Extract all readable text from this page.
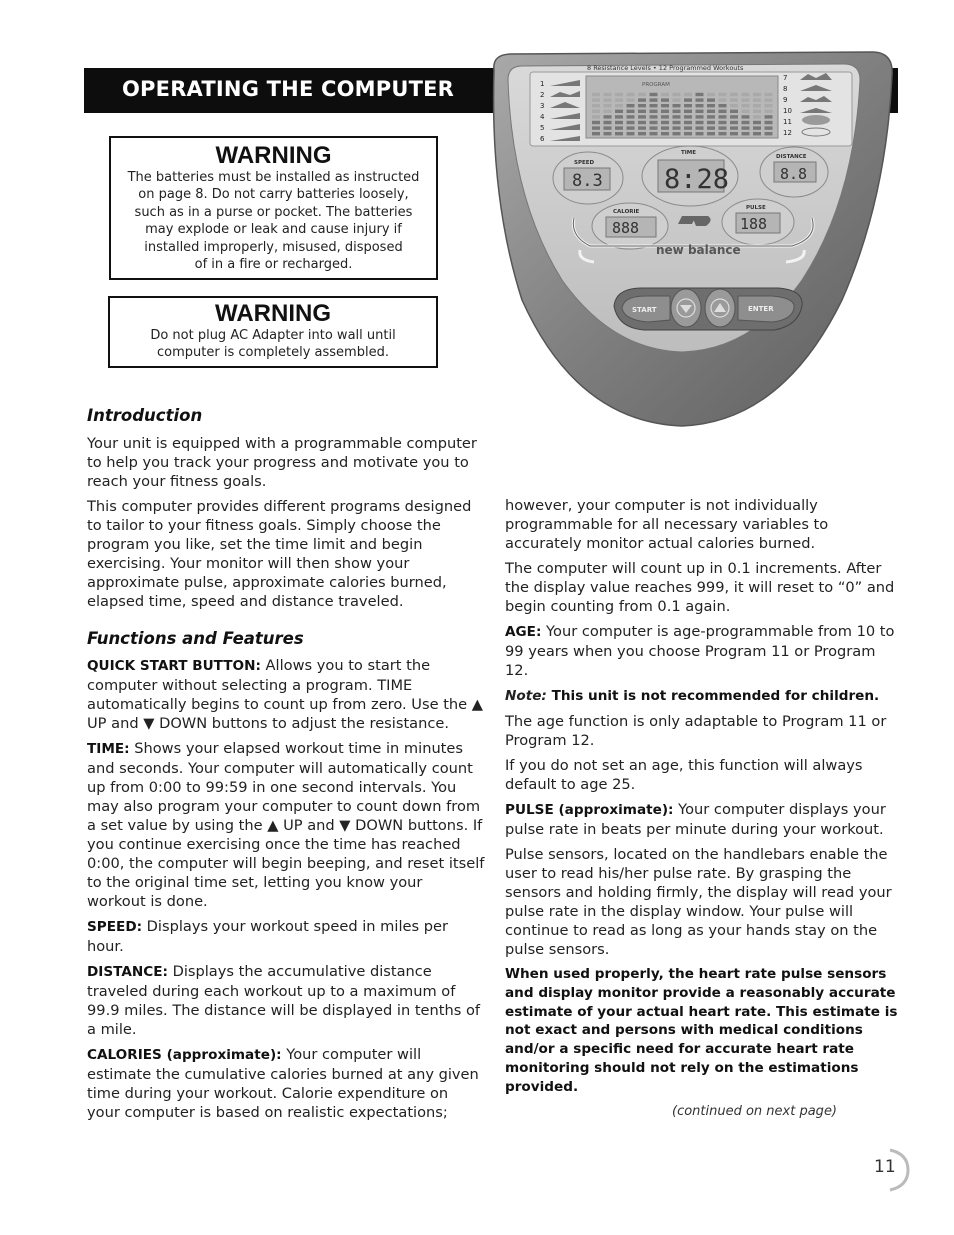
OPERATING THE COMPUTER
WARNING
The batteries must be installed as instructed
on page 8. Do not carry batteries loosely,
such as in a purse or pocket. The batteries
may explode or leak and cause injury if
installed improperly, misused, disposed
of in a fire or recharged.
WARNING
Do not plug AC Adapter into wall until
computer is completely assembled.
8 Resistance Levels • 12 Programmed Workouts
PROGRAM
1
2
3
4
5
6
7
8
9
10
11
12
SPEED
8.3
TIME
8:28
DISTANCE
8.8
CALORIE
888
PULSE
188
new balance
START	ENTER
Introduction

Your unit is equipped with a programmable computer to help you track your progress and motivate you to reach your fitness goals.

This computer provides different programs designed to tailor to your fitness goals. Simply choose the program you like, set the time limit and begin exercising. Your monitor will then show your approximate pulse, approximate calories burned, elapsed time, speed and distance traveled.

Functions and Features

QUICK START BUTTON: Allows you to start the computer without selecting a program. TIME automatically begins to count up from zero. Use the ▲ UP and ▼ DOWN buttons to adjust the resistance.

TIME: Shows your elapsed workout time in minutes and seconds. Your computer will automatically count up from 0:00 to 99:59 in one second intervals. You may also program your computer to count down from a set value by using the ▲ UP and ▼ DOWN buttons. If you continue exercising once the time has reached 0:00, the computer will begin beeping, and reset itself to the original time set, letting you know your workout is done.

SPEED: Displays your workout speed in miles per hour.

DISTANCE: Displays the accumulative distance traveled during each workout up to a maximum of 99.9 miles. The distance will be displayed in tenths of a mile.

CALORIES (approximate): Your computer will estimate the cumulative calories burned at any given time during your workout. Calorie expenditure on your computer is based on realistic expectations;

however, your computer is not individually programmable for all necessary variables to accurately monitor actual calories burned.

The computer will count up in 0.1 increments. After the display value reaches 999, it will reset to “0” and begin counting from 0.1 again.

AGE: Your computer is age-programmable from 10 to 99 years when you choose Program 11 or Program 12.

Note: This unit is not recommended for children.

The age function is only adaptable to Program 11 or Program 12.

If you do not set an age, this function will always default to age 25.

PULSE (approximate): Your computer displays your pulse rate in beats per minute during your workout.

Pulse sensors, located on the handlebars enable the user to read his/her pulse rate. By grasping the sensors and holding firmly, the display will read your pulse rate in the display window. Your pulse will continue to read as long as your hands stay on the pulse sensors.

When used properly, the heart rate pulse sensors and display monitor provide a reasonably accurate estimate of your actual heart rate. This estimate is not exact and persons with medical conditions and/or a specific need for accurate heart rate monitoring should not rely on the estimations provided.

(continued on next page)
11
